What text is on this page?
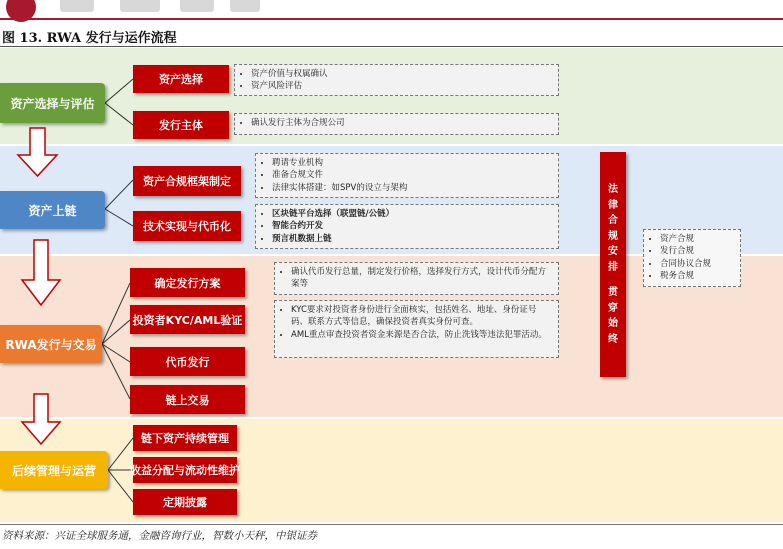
图 13. RWA 发行与运作流程
资产选择与评估
资产上链
RWA发行与交易
后续管理与运营
资产选择
发行主体
• 资产价值与权属确认
• 资产风险评估
• 确认发行主体为合规公司
资产合规框架制定
技术实现与代币化
• 聘请专业机构
• 准备合规文件
• 法律实体搭建：如SPV的设立与架构
• 区块链平台选择（联盟链/公链）
• 智能合约开发
• 预言机数据上链
确定发行方案
投资者KYC/AML验证
代币发行
链上交易
• 确认代币发行总量，制定发行价格，选择发行方式，设计代币分配方案等
• KYC要求对投资者身份进行全面核实，包括姓名、地址、身份证号码、联系方式等信息，确保投资者真实身份可查。
• AML重点审查投资者资金来源是否合法，防止洗钱等违法犯罪活动。
链下资产持续管理
收益分配与流动性维护
定期披露
法
律
合
规
安
排
贯
穿
始
终
• 资产合规
• 发行合规
• 合同协议合规
• 税务合规
资料来源：兴证全球服务通，金融咨询行业，智数小天秤，中银证券
